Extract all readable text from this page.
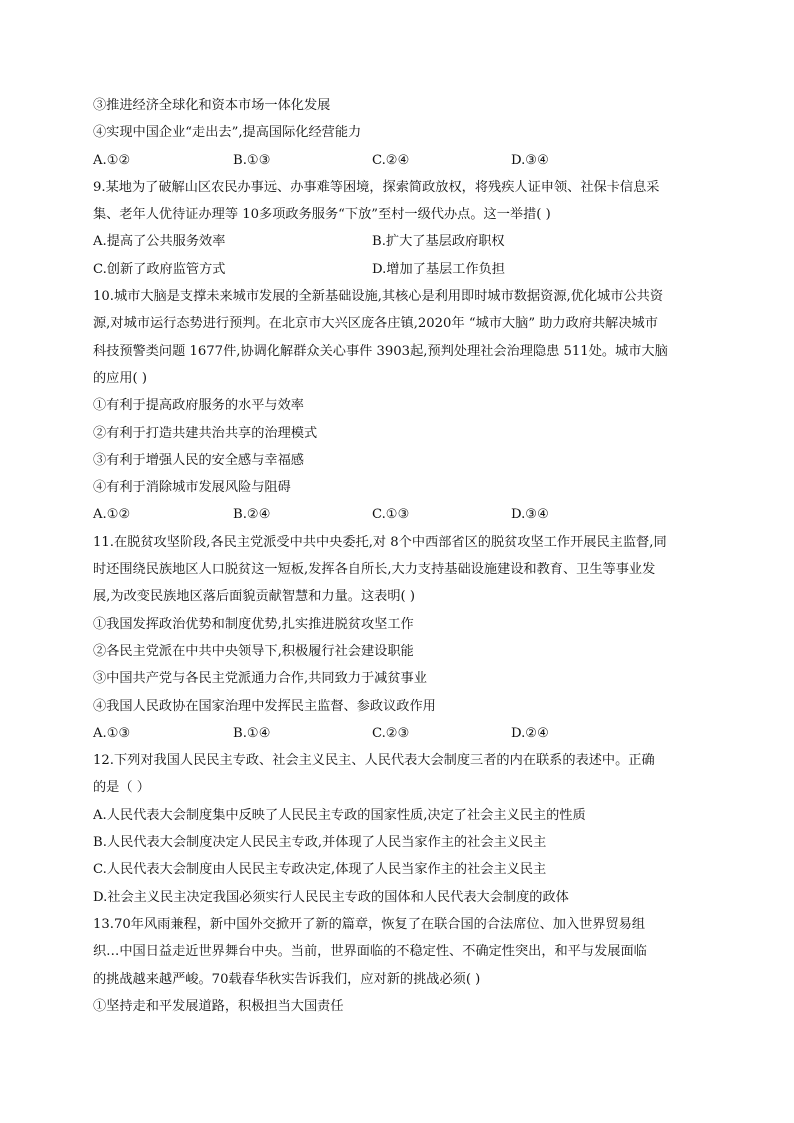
③推进经济全球化和资本市场一体化发展
④实现中国企业“走出去”,提高国际化经营能力
A.①②	B.①③	C.②④	D.③④
9.某地为了破解山区农民办事远、办事难等困境，探索简政放权，将残疾人证申领、社保卡信息采
集、老年人优待证办理等 10多项政务服务“下放”至村一级代办点。这一举措( )
A.提高了公共服务效率	B.扩大了基层政府职权
C.创新了政府监管方式	D.增加了基层工作负担
10.城市大脑是支撑未来城市发展的全新基础设施,其核心是利用即时城市数据资源,优化城市公共资
源,对城市运行态势进行预判。在北京市大兴区庞各庄镇,2020年 “城市大脑” 助力政府共解决城市
科技预警类问题 1677件,协调化解群众关心事件 3903起,预判处理社会治理隐患 511处。城市大脑
的应用( )
①有利于提高政府服务的水平与效率
②有利于打造共建共治共享的治理模式
③有利于增强人民的安全感与幸福感
④有利于消除城市发展风险与阻碍
A.①②	B.②④	C.①③	D.③④
11.在脱贫攻坚阶段,各民主党派受中共中央委托,对 8个中西部省区的脱贫攻坚工作开展民主监督,同
时还围绕民族地区人口脱贫这一短板,发挥各自所长,大力支持基础设施建设和教育、卫生等事业发
展,为改变民族地区落后面貌贡献智慧和力量。这表明( )
①我国发挥政治优势和制度优势,扎实推进脱贫攻坚工作
②各民主党派在中共中央领导下,积极履行社会建设职能
③中国共产党与各民主党派通力合作,共同致力于减贫事业
④我国人民政协在国家治理中发挥民主监督、参政议政作用
A.①③	B.①④	C.②③	D.②④
12.下列对我国人民民主专政、社会主义民主、人民代表大会制度三者的内在联系的表述中。正确
的是（ ）
A.人民代表大会制度集中反映了人民民主专政的国家性质,决定了社会主义民主的性质
B.人民代表大会制度决定人民民主专政,并体现了人民当家作主的社会主义民主
C.人民代表大会制度由人民民主专政决定,体现了人民当家作主的社会主义民主
D.社会主义民主决定我国必须实行人民民主专政的国体和人民代表大会制度的政体
13.70年风雨兼程，新中国外交掀开了新的篇章，恢复了在联合国的合法席位、加入世界贸易组
织…中国日益走近世界舞台中央。当前，世界面临的不稳定性、不确定性突出，和平与发展面临
的挑战越来越严峻。70载春华秋实告诉我们，应对新的挑战必须( )
①坚持走和平发展道路，积极担当大国责任
